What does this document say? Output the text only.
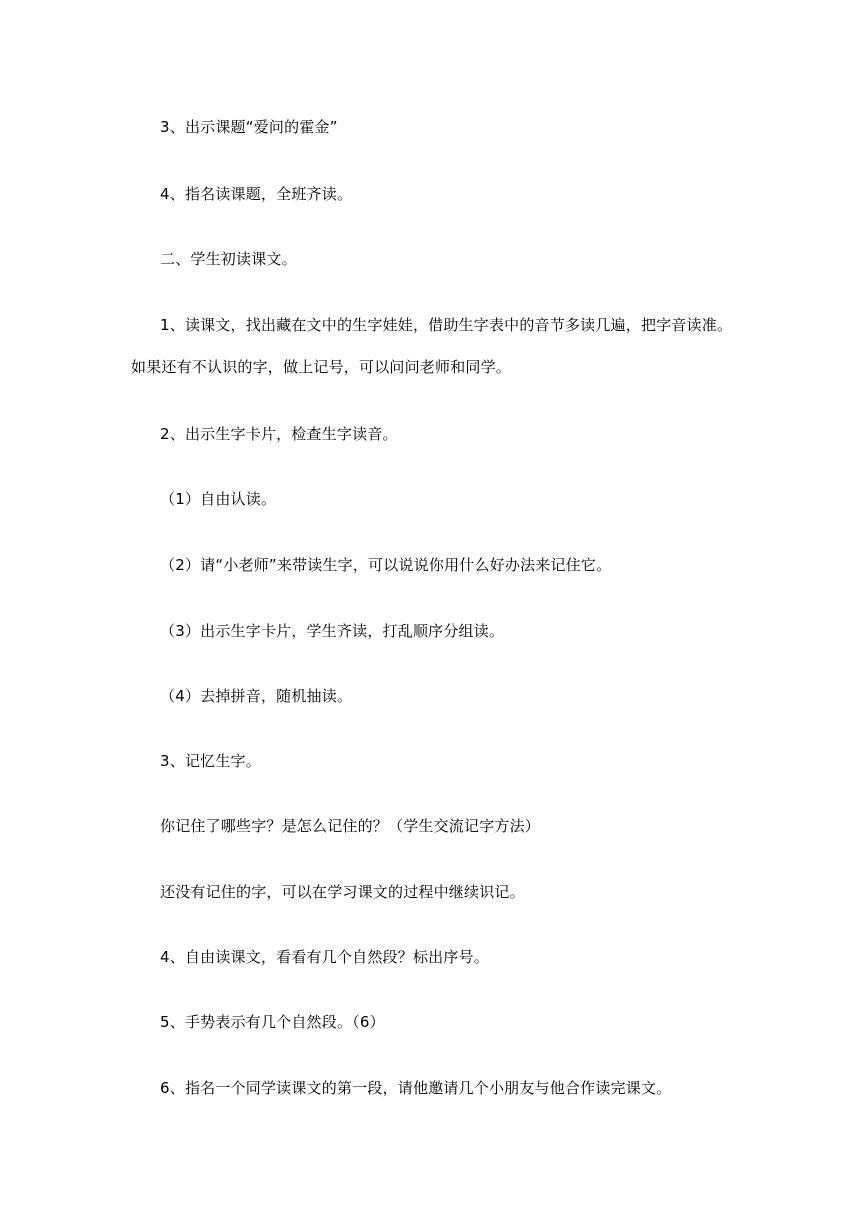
3、出示课题“爱问的霍金”
4、指名读课题，全班齐读。
二、学生初读课文。
1、读课文，找出藏在文中的生字娃娃，借助生字表中的音节多读几遍，把字音读准。
如果还有不认识的字，做上记号，可以问问老师和同学。
2、出示生字卡片，检查生字读音。
（1）自由认读。
（2）请“小老师”来带读生字，可以说说你用什么好办法来记住它。
（3）出示生字卡片，学生齐读，打乱顺序分组读。
（4）去掉拼音，随机抽读。
3、记忆生字。
你记住了哪些字？是怎么记住的？（学生交流记字方法）
还没有记住的字，可以在学习课文的过程中继续识记。
4、自由读课文，看看有几个自然段？标出序号。
5、手势表示有几个自然段。（6）
6、指名一个同学读课文的第一段，请他邀请几个小朋友与他合作读完课文。
